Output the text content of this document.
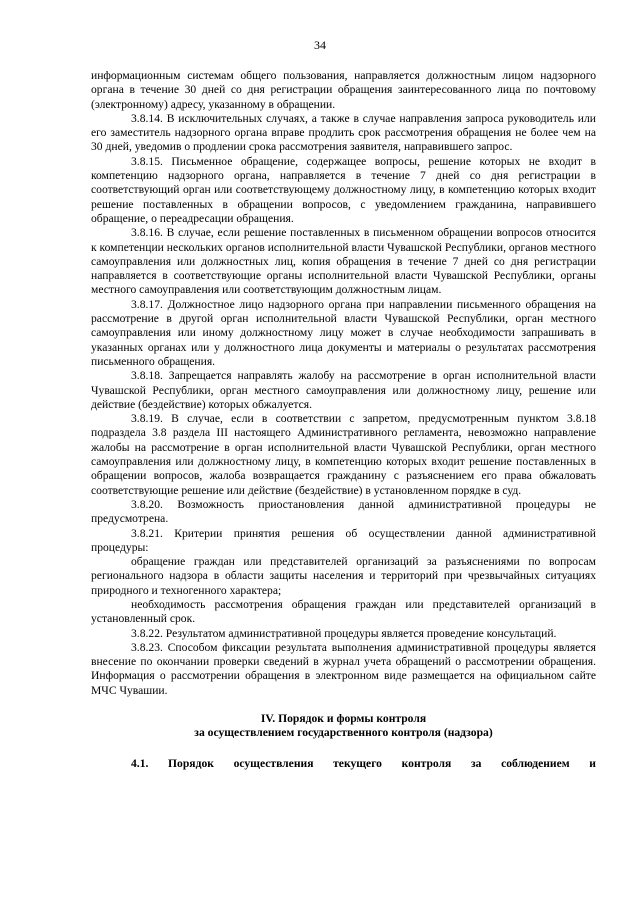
34

информационным системам общего пользования, направляется должностным лицом надзорного органа в течение 30 дней со дня регистрации обращения заинтересованного лица по почтовому (электронному) адресу, указанному в обращении.

3.8.14. В исключительных случаях, а также в случае направления запроса руководитель или его заместитель надзорного органа вправе продлить срок рассмотрения обращения не более чем на 30 дней, уведомив о продлении срока рассмотрения заявителя, направившего запрос.

3.8.15. Письменное обращение, содержащее вопросы, решение которых не входит в компетенцию надзорного органа, направляется в течение 7 дней со дня регистрации в соответствующий орган или соответствующему должностному лицу, в компетенцию которых входит решение поставленных в обращении вопросов, с уведомлением гражданина, направившего обращение, о переадресации обращения.

3.8.16. В случае, если решение поставленных в письменном обращении вопросов относится к компетенции нескольких органов исполнительной власти Чувашской Республики, органов местного самоуправления или должностных лиц, копия обращения в течение 7 дней со дня регистрации направляется в соответствующие органы исполнительной власти Чувашской Республики, органы местного самоуправления или соответствующим должностным лицам.

3.8.17. Должностное лицо надзорного органа при направлении письменного обращения на рассмотрение в другой орган исполнительной власти Чувашской Республики, орган местного самоуправления или иному должностному лицу может в случае необходимости запрашивать в указанных органах или у должностного лица документы и материалы о результатах рассмотрения письменного обращения.

3.8.18. Запрещается направлять жалобу на рассмотрение в орган исполнительной власти Чувашской Республики, орган местного самоуправления или должностному лицу, решение или действие (бездействие) которых обжалуется.

3.8.19. В случае, если в соответствии с запретом, предусмотренным пунктом 3.8.18 подраздела 3.8 раздела III настоящего Административного регламента, невозможно направление жалобы на рассмотрение в орган исполнительной власти Чувашской Республики, орган местного самоуправления или должностному лицу, в компетенцию которых входит решение поставленных в обращении вопросов, жалоба возвращается гражданину с разъяснением его права обжаловать соответствующие решение или действие (бездействие) в установленном порядке в суд.

3.8.20. Возможность приостановления данной административной процедуры не предусмотрена.

3.8.21. Критерии принятия решения об осуществлении данной административной процедуры:

обращение граждан или представителей организаций за разъяснениями по вопросам регионального надзора в области защиты населения и территорий при чрезвычайных ситуациях природного и техногенного характера;

необходимость рассмотрения обращения граждан или представителей организаций в установленный срок.

3.8.22. Результатом административной процедуры является проведение консультаций.

3.8.23. Способом фиксации результата выполнения административной процедуры является внесение по окончании проверки сведений в журнал учета обращений о рассмотрении обращения. Информация о рассмотрении обращения в электронном виде размещается на официальном сайте МЧС Чувашии.

IV. Порядок и формы контроля

за осуществлением государственного контроля (надзора)

4.1. Порядок осуществления текущего контроля за соблюдением и
